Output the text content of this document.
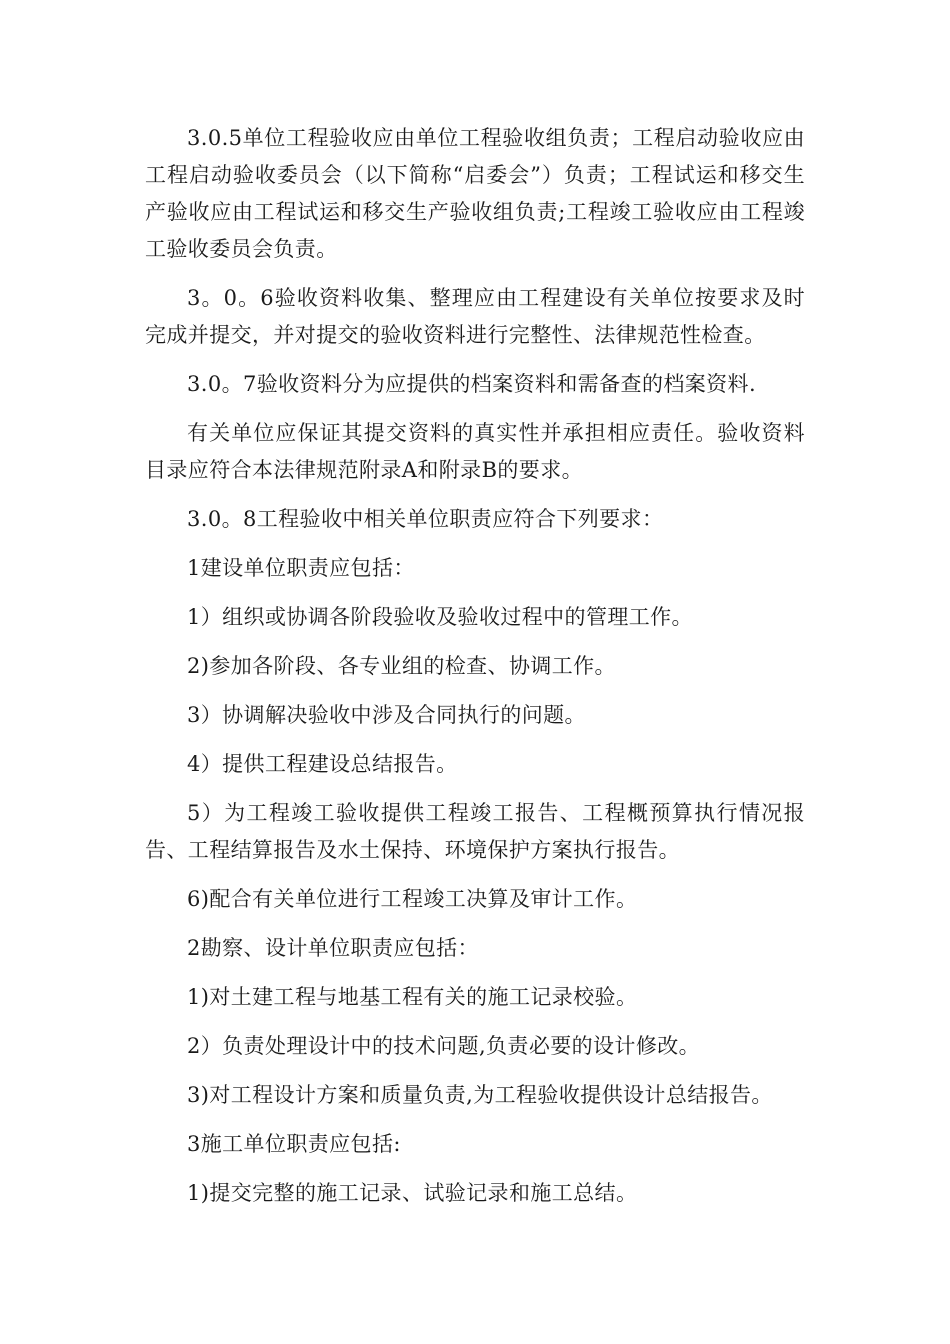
3.0.5单位工程验收应由单位工程验收组负责；工程启动验收应由工程启动验收委员会（以下简称“启委会”）负责；工程试运和移交生产验收应由工程试运和移交生产验收组负责;工程竣工验收应由工程竣工验收委员会负责。

3。0。6验收资料收集、整理应由工程建设有关单位按要求及时完成并提交，并对提交的验收资料进行完整性、法律规范性检查。

3.0。7验收资料分为应提供的档案资料和需备查的档案资料.

有关单位应保证其提交资料的真实性并承担相应责任。验收资料目录应符合本法律规范附录A和附录B的要求。

3.0。8工程验收中相关单位职责应符合下列要求：

1建设单位职责应包括：

1）组织或协调各阶段验收及验收过程中的管理工作。

2)参加各阶段、各专业组的检查、协调工作。

3）协调解决验收中涉及合同执行的问题。

4）提供工程建设总结报告。

5）为工程竣工验收提供工程竣工报告、工程概预算执行情况报告、工程结算报告及水土保持、环境保护方案执行报告。

6)配合有关单位进行工程竣工决算及审计工作。

2勘察、设计单位职责应包括：

1)对土建工程与地基工程有关的施工记录校验。

2）负责处理设计中的技术问题,负责必要的设计修改。

3)对工程设计方案和质量负责,为工程验收提供设计总结报告。

3施工单位职责应包括:

1)提交完整的施工记录、试验记录和施工总结。
